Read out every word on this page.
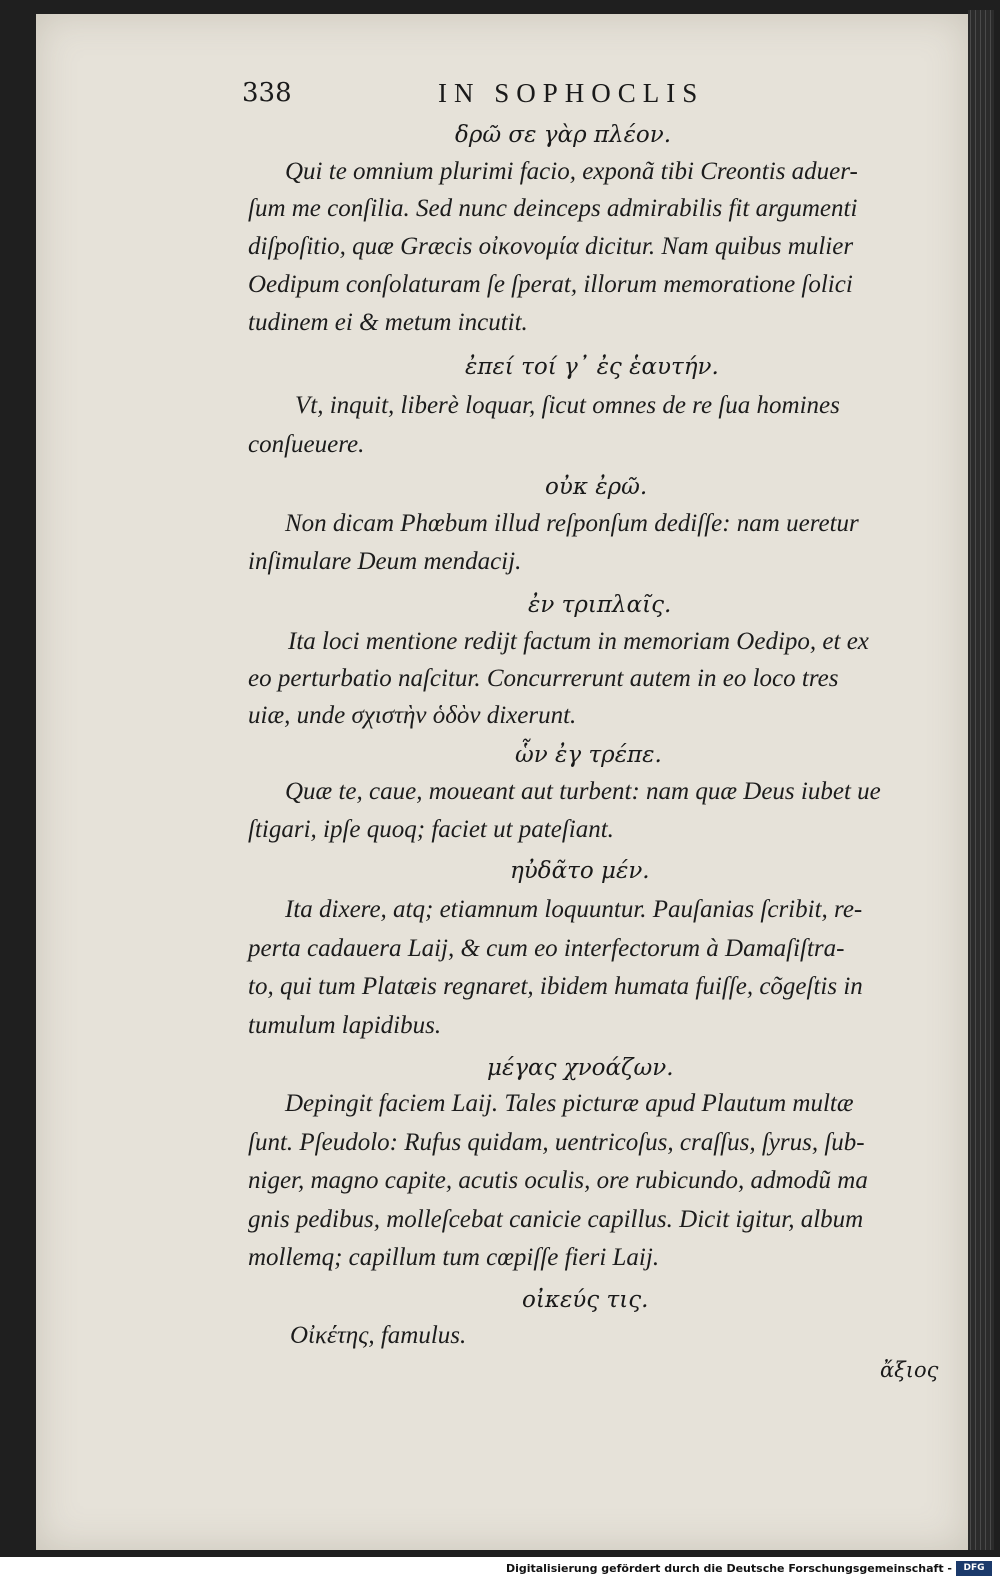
338	IN SOPHOCLIS
δρῶ σε γὰρ πλέον.
Qui te omnium plurimi facio, exponã tibi Creontis aduer-
ſum me conſilia. Sed nunc deinceps admirabilis fit argumenti
diſpoſitio, quæ Græcis οἰκονομία dicitur. Nam quibus mulier
Oedipum conſolaturam ſe ſperat, illorum memoratione ſolici
tudinem ei & metum incutit.
ἐπεί τοί γ᾽ ἐς ἑαυτήν.
Vt, inquit, liberè loquar, ſicut omnes de re ſua homines
conſueuere.
οὐκ ἐρῶ.
Non dicam Phœbum illud reſponſum dediſſe: nam ueretur
inſimulare Deum mendacij.
ἐν τριπλαῖς.
Ita loci mentione redijt factum in memoriam Oedipo, et ex
eo perturbatio naſcitur. Concurrerunt autem in eo loco tres
uiæ, unde σχιστὴν ὁδὸν dixerunt.
ὧν ἐγ τρέπε.
Quæ te, caue, moueant aut turbent: nam quæ Deus iubet ue
ſtigari, ipſe quoq; faciet ut pateſiant.
ηὐδᾶτο μέν.
Ita dixere, atq; etiamnum loquuntur. Pauſanias ſcribit, re-
perta cadauera Laij, & cum eo interfectorum à Damaſiſtra-
to, qui tum Platæis regnaret, ibidem humata fuiſſe, cõgeſtis in
tumulum lapidibus.
μέγας χνοάζων.
Depingit faciem Laij. Tales picturæ apud Plautum multæ
ſunt. Pſeudolo: Rufus quidam, uentricoſus, craſſus, ſyrus, ſub-
niger, magno capite, acutis oculis, ore rubicundo, admodũ ma
gnis pedibus, molleſcebat canicie capillus. Dicit igitur, album
mollemq; capillum tum cœpiſſe fieri Laij.
οἰκεύς τις.
Οἰκέτης, famulus.
ἄξιος
Digitalisierung gefördert durch die Deutsche Forschungsgemeinschaft -	DFG
